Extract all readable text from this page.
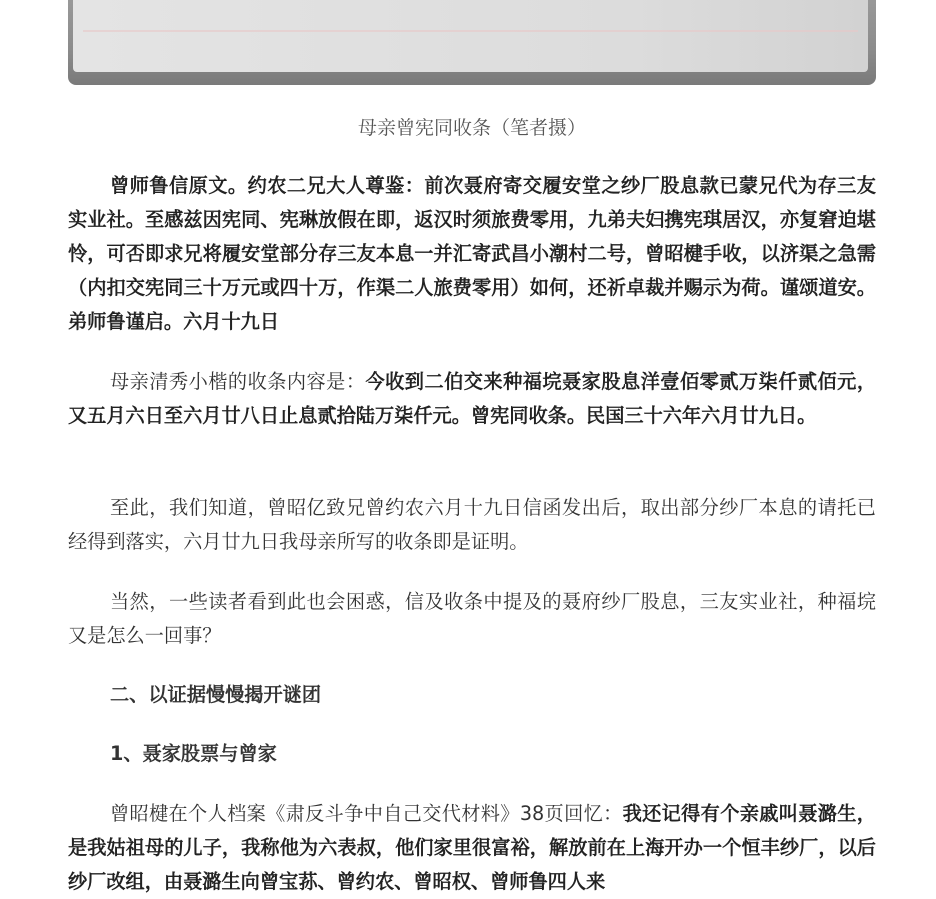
母亲曾宪同收条（笔者摄）

曾师鲁信原文。约农二兄大人尊鉴：前次聂府寄交履安堂之纱厂股息款已蒙兄代为存三友实业社。至感兹因宪同、宪琳放假在即，返汉时须旅费零用，九弟夫妇携宪琪居汉，亦复窘迫堪怜，可否即求兄将履安堂部分存三友本息一并汇寄武昌小潮村二号，曾昭楗手收，以济渠之急需（内扣交宪同三十万元或四十万，作渠二人旅费零用）如何，还祈卓裁并赐示为荷。谨颂道安。弟师鲁谨启。六月十九日

母亲清秀小楷的收条内容是：今收到二伯交来种福垸聂家股息洋壹佰零贰万柒仟贰佰元，又五月六日至六月廿八日止息贰拾陆万柒仟元。曾宪同收条。民国三十六年六月廿九日。

至此，我们知道，曾昭亿致兄曾约农六月十九日信函发出后，取出部分纱厂本息的请托已经得到落实，六月廿九日我母亲所写的收条即是证明。

当然，一些读者看到此也会困惑，信及收条中提及的聂府纱厂股息，三友实业社，种福垸又是怎么一回事？

二、以证据慢慢揭开谜团
1、聂家股票与曾家

曾昭楗在个人档案《肃反斗争中自己交代材料》38页回忆：我还记得有个亲戚叫聂潞生，是我姑祖母的儿子，我称他为六表叔，他们家里很富裕，解放前在上海开办一个恒丰纱厂，以后纱厂改组，由聂潞生向曾宝荪、曾约农、曾昭权、曾师鲁四人来
